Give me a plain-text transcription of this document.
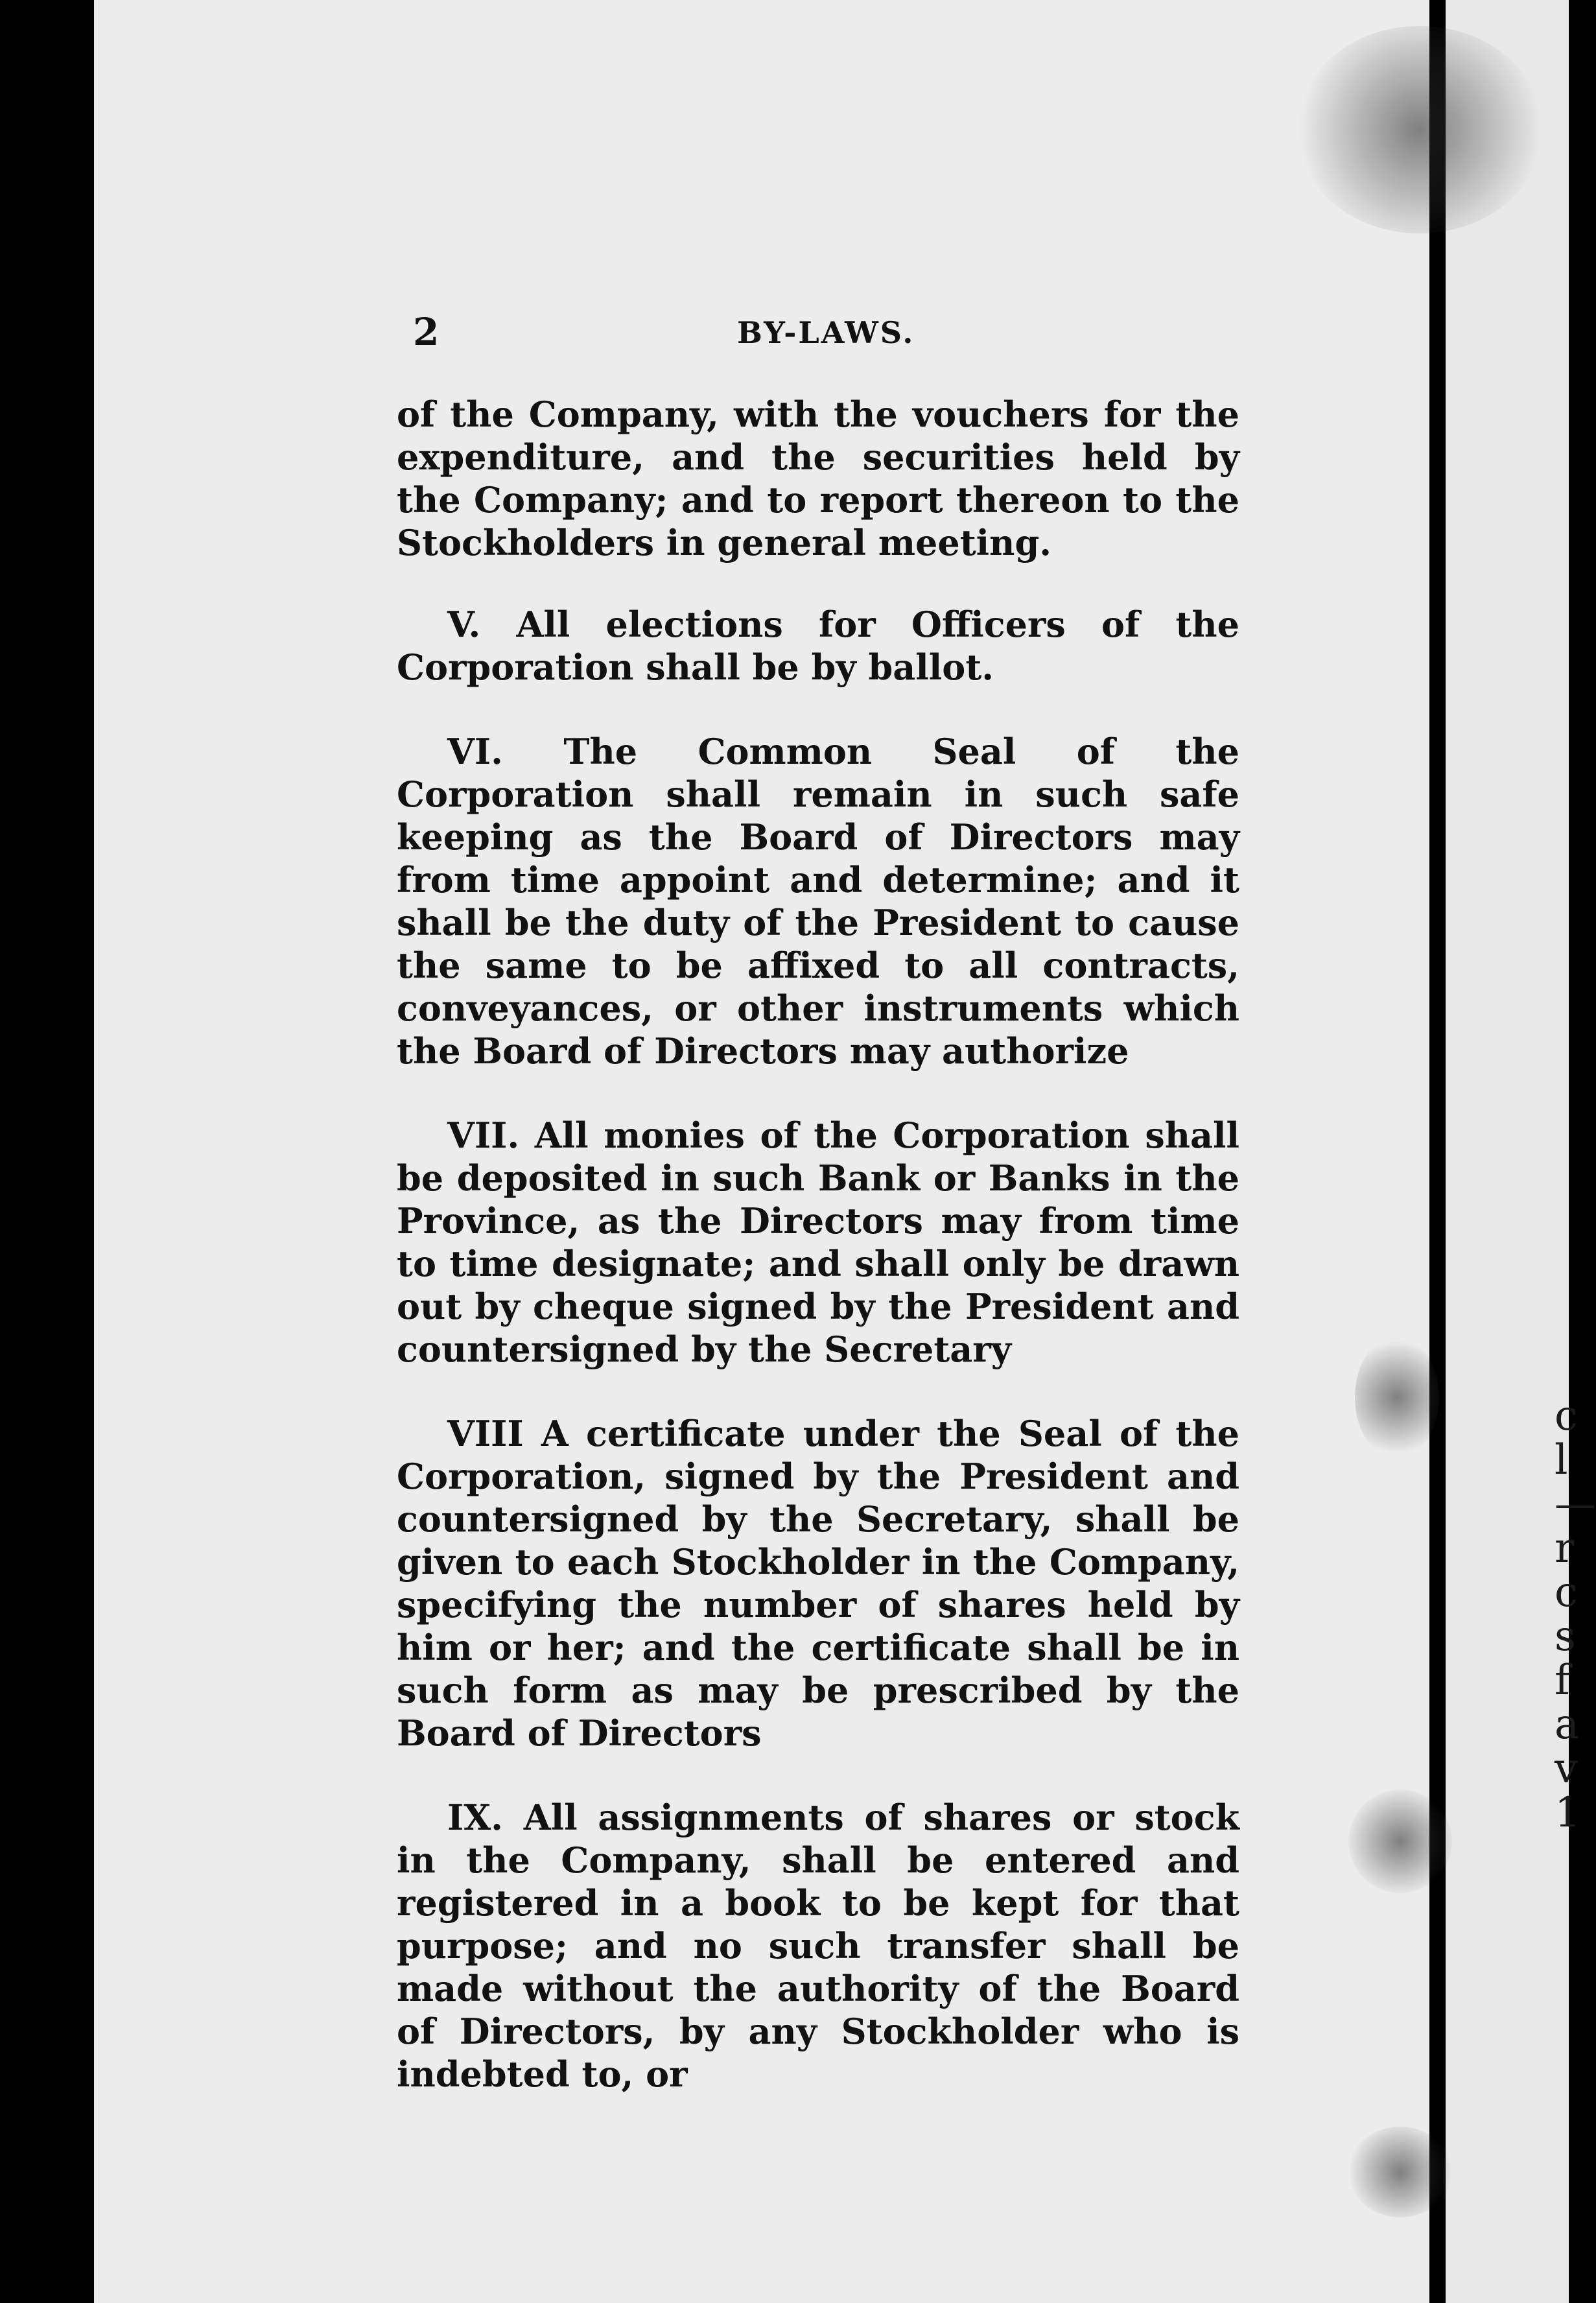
2	BY-LAWS.

of the Company, with the vouchers for the expenditure, and the securities held by the Company; and to report thereon to the Stockholders in general meeting.

V. All elections for Officers of the Corporation shall be by ballot.

VI. The Common Seal of the Corporation shall remain in such safe keeping as the Board of Directors may from time appoint and determine; and it shall be the duty of the President to cause the same to be affixed to all contracts, conveyances, or other instruments which the Board of Directors may authorize

VII. All monies of the Corporation shall be deposited in such Bank or Banks in the Province, as the Directors may from time to time designate; and shall only be drawn out by cheque signed by the President and countersigned by the Secretary

VIII A certificate under the Seal of the Corporation, signed by the President and countersigned by the Secretary, shall be given to each Stockholder in the Company, specifying the number of shares held by him or her; and the certificate shall be in such form as may be prescribed by the Board of Directors

IX. All assignments of shares or stock in the Company, shall be entered and registered in a book to be kept for that purpose; and no such transfer shall be made without the authority of the Board of Directors, by any Stockholder who is indebted to, or

c
l
—
r
c
s
f
a
v
1
